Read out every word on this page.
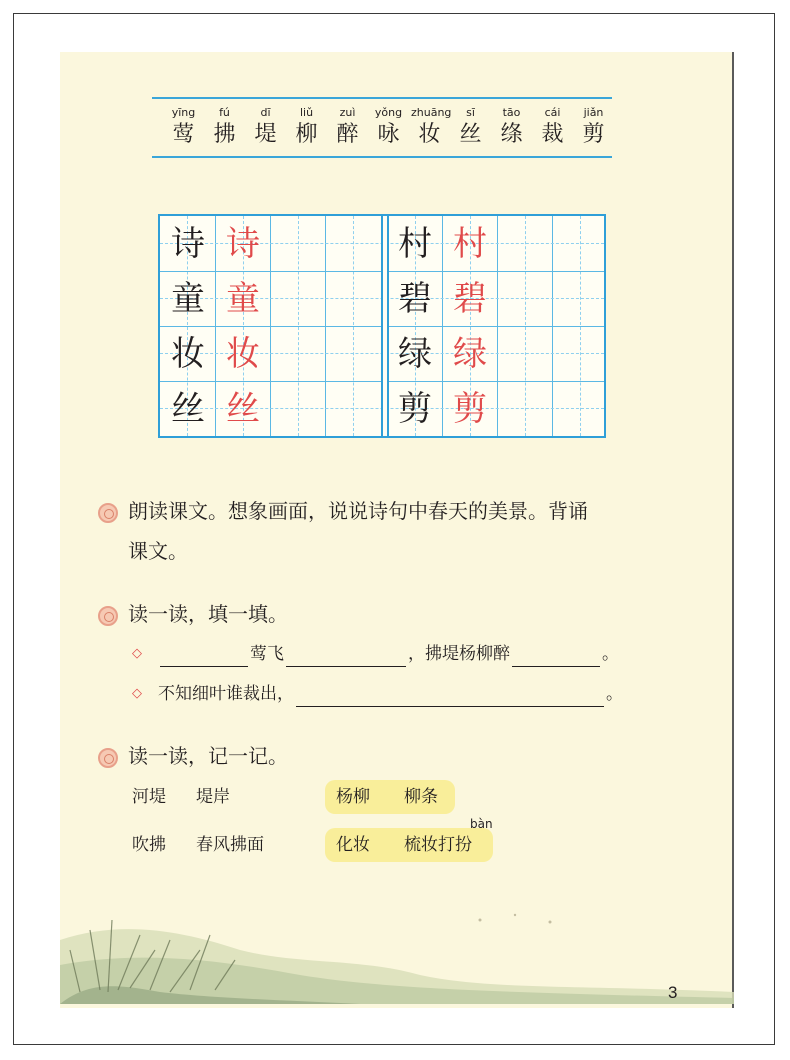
yīng
莺
fú
拂
dī
堤
liǔ
柳
zuì
醉
yǒng
咏
zhuāng
妆
sī
丝
tāo
绦
cái
裁
jiǎn
剪
诗 诗
童 童
妆 妆
丝 丝
村 村
碧 碧
绿 绿
剪 剪
朗读课文。想象画面，说说诗句中春天的美景。背诵
课文。
读一读，填一填。
◇	莺飞	，拂堤杨柳醉	。
◇ 不知细叶谁裁出，	。
读一读，记一记。
河堤 堤岸	杨柳 柳条
bàn
吹拂 春风拂面	化妆 梳妆打扮
3
